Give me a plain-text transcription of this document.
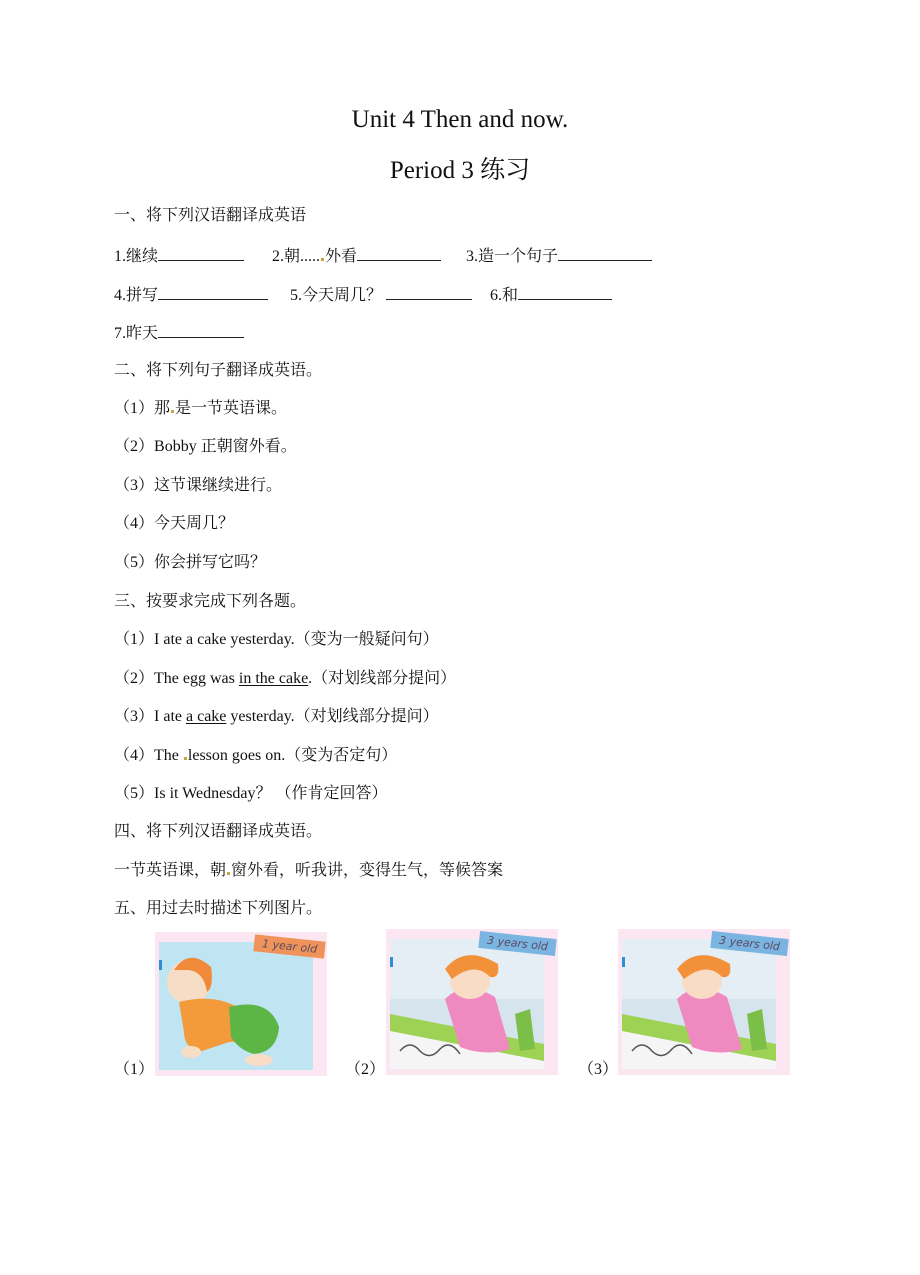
Unit 4 Then and now.
Period 3 练习
一、将下列汉语翻译成英语
1.继续	2.朝..... 外看	3.造一个句子
4.拼写	5.今天周几？	6.和
7.昨天
二、将下列句子翻译成英语。
（1）那 是一节英语课。
（2）Bobby 正朝窗外看。
（3）这节课继续进行。
（4）今天周几？
（5）你会拼写它吗？
三、按要求完成下列各题。
（1）I ate a cake yesterday.（变为一般疑问句）
（2）The egg was in the cake.（对划线部分提问）
（3）I ate a cake yesterday.（对划线部分提问）
（4）The lesson goes on.（变为否定句）
（5）Is it Wednesday？ （作肯定回答）
四、将下列汉语翻译成英语。
一节英语课，朝 窗外看，听我讲，变得生气，等候答案
五、用过去时描述下列图片。
（1）
1 year old
（2）
3 years old
（3）
3 years old
